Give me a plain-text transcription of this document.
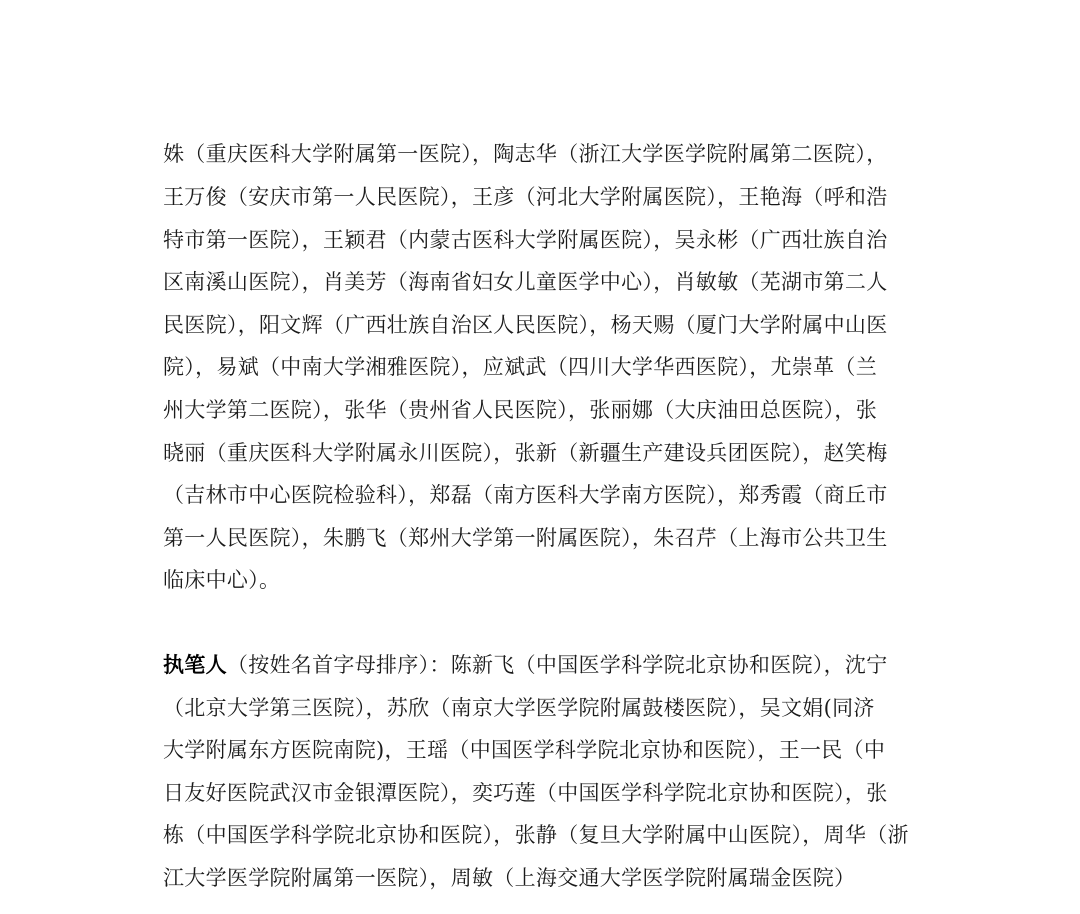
姝（重庆医科大学附属第一医院），陶志华（浙江大学医学院附属第二医院），
王万俊（安庆市第一人民医院），王彦（河北大学附属医院），王艳海（呼和浩
特市第一医院），王颖君（内蒙古医科大学附属医院），吴永彬（广西壮族自治
区南溪山医院），肖美芳（海南省妇女儿童医学中心），肖敏敏（芜湖市第二人
民医院），阳文辉（广西壮族自治区人民医院），杨天赐（厦门大学附属中山医
院），易斌（中南大学湘雅医院），应斌武（四川大学华西医院），尤崇革（兰
州大学第二医院），张华（贵州省人民医院），张丽娜（大庆油田总医院），张
晓丽（重庆医科大学附属永川医院），张新（新疆生产建设兵团医院），赵笑梅
（吉林市中心医院检验科），郑磊（南方医科大学南方医院），郑秀霞（商丘市
第一人民医院），朱鹏飞（郑州大学第一附属医院），朱召芹（上海市公共卫生
临床中心）。
执笔人（按姓名首字母排序）：陈新飞（中国医学科学院北京协和医院），沈宁
（北京大学第三医院），苏欣（南京大学医学院附属鼓楼医院），吴文娟(同济
大学附属东方医院南院)，王瑶（中国医学科学院北京协和医院），王一民（中
日友好医院武汉市金银潭医院），奕巧莲（中国医学科学院北京协和医院），张
栋（中国医学科学院北京协和医院），张静（复旦大学附属中山医院），周华（浙
江大学医学院附属第一医院），周敏（上海交通大学医学院附属瑞金医院）
